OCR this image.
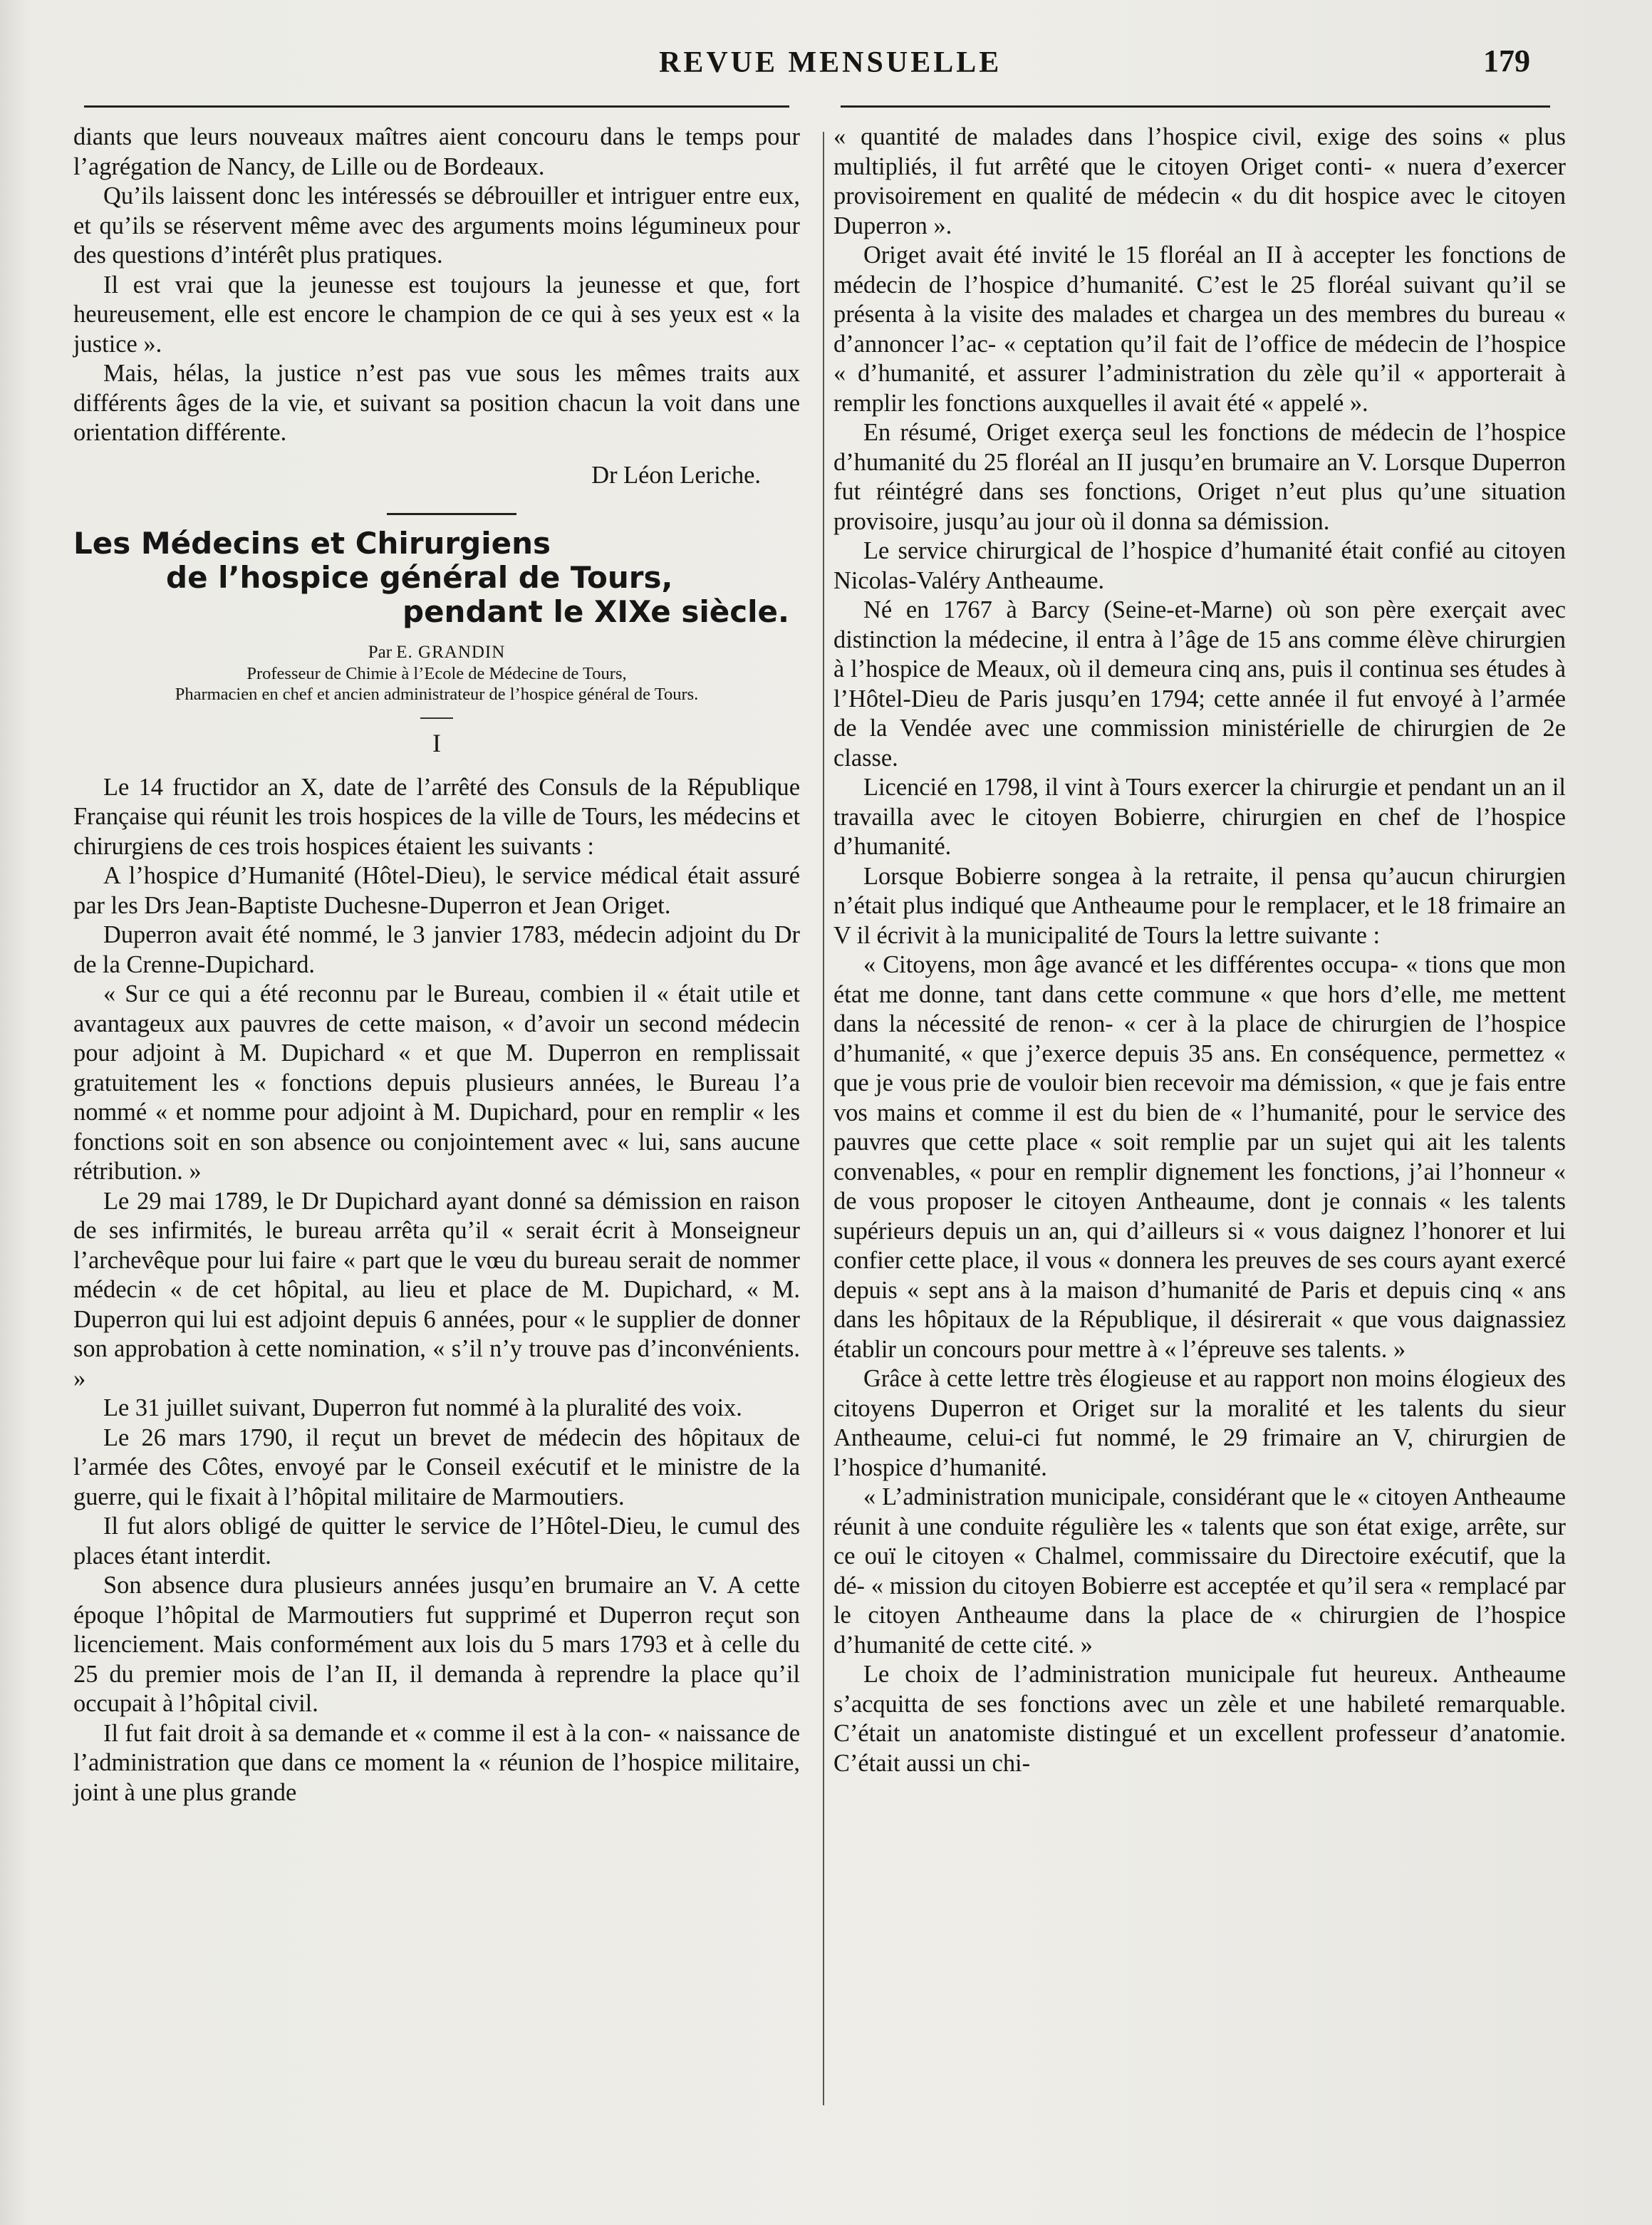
REVUE MENSUELLE	179

diants que leurs nouveaux maîtres aient concouru dans le temps pour l’agrégation de Nancy, de Lille ou de Bordeaux.

Qu’ils laissent donc les intéressés se débrouiller et intriguer entre eux, et qu’ils se réservent même avec des arguments moins légumineux pour des questions d’intérêt plus pratiques.

Il est vrai que la jeunesse est toujours la jeunesse et que, fort heureusement, elle est encore le champion de ce qui à ses yeux est « la justice ».

Mais, hélas, la justice n’est pas vue sous les mêmes traits aux différents âges de la vie, et suivant sa position chacun la voit dans une orientation différente.

Dr Léon Leriche.

Les Médecins et Chirurgiens
de l’hospice général de Tours,
pendant le XIXe siècle.
Par E. GRANDIN
Professeur de Chimie à l’Ecole de Médecine de Tours,
Pharmacien en chef et ancien administrateur de l’hospice général de Tours.
I

Le 14 fructidor an X, date de l’arrêté des Consuls de la République Française qui réunit les trois hospices de la ville de Tours, les médecins et chirurgiens de ces trois hospices étaient les suivants :

A l’hospice d’Humanité (Hôtel-Dieu), le service médical était assuré par les Drs Jean-Baptiste Duchesne-Duperron et Jean Origet.

Duperron avait été nommé, le 3 janvier 1783, médecin adjoint du Dr de la Crenne-Dupichard.

« Sur ce qui a été reconnu par le Bureau, combien il « était utile et avantageux aux pauvres de cette maison, « d’avoir un second médecin pour adjoint à M. Dupichard « et que M. Duperron en remplissait gratuitement les « fonctions depuis plusieurs années, le Bureau l’a nommé « et nomme pour adjoint à M. Dupichard, pour en remplir « les fonctions soit en son absence ou conjointement avec « lui, sans aucune rétribution. »

Le 29 mai 1789, le Dr Dupichard ayant donné sa démission en raison de ses infirmités, le bureau arrêta qu’il « serait écrit à Monseigneur l’archevêque pour lui faire « part que le vœu du bureau serait de nommer médecin « de cet hôpital, au lieu et place de M. Dupichard, « M. Duperron qui lui est adjoint depuis 6 années, pour « le supplier de donner son approbation à cette nomination, « s’il n’y trouve pas d’inconvénients. »

Le 31 juillet suivant, Duperron fut nommé à la pluralité des voix.

Le 26 mars 1790, il reçut un brevet de médecin des hôpitaux de l’armée des Côtes, envoyé par le Conseil exécutif et le ministre de la guerre, qui le fixait à l’hôpital militaire de Marmoutiers.

Il fut alors obligé de quitter le service de l’Hôtel-Dieu, le cumul des places étant interdit.

Son absence dura plusieurs années jusqu’en brumaire an V. A cette époque l’hôpital de Marmoutiers fut supprimé et Duperron reçut son licenciement. Mais conformément aux lois du 5 mars 1793 et à celle du 25 du premier mois de l’an II, il demanda à reprendre la place qu’il occupait à l’hôpital civil.

Il fut fait droit à sa demande et « comme il est à la con- « naissance de l’administration que dans ce moment la « réunion de l’hospice militaire, joint à une plus grande

« quantité de malades dans l’hospice civil, exige des soins « plus multipliés, il fut arrêté que le citoyen Origet conti- « nuera d’exercer provisoirement en qualité de médecin « du dit hospice avec le citoyen Duperron ».

Origet avait été invité le 15 floréal an II à accepter les fonctions de médecin de l’hospice d’humanité. C’est le 25 floréal suivant qu’il se présenta à la visite des malades et chargea un des membres du bureau « d’annoncer l’ac- « ceptation qu’il fait de l’office de médecin de l’hospice « d’humanité, et assurer l’administration du zèle qu’il « apporterait à remplir les fonctions auxquelles il avait été « appelé ».

En résumé, Origet exerça seul les fonctions de médecin de l’hospice d’humanité du 25 floréal an II jusqu’en brumaire an V. Lorsque Duperron fut réintégré dans ses fonctions, Origet n’eut plus qu’une situation provisoire, jusqu’au jour où il donna sa démission.

Le service chirurgical de l’hospice d’humanité était confié au citoyen Nicolas-Valéry Antheaume.

Né en 1767 à Barcy (Seine-et-Marne) où son père exerçait avec distinction la médecine, il entra à l’âge de 15 ans comme élève chirurgien à l’hospice de Meaux, où il demeura cinq ans, puis il continua ses études à l’Hôtel-Dieu de Paris jusqu’en 1794; cette année il fut envoyé à l’armée de la Vendée avec une commission ministérielle de chirurgien de 2e classe.

Licencié en 1798, il vint à Tours exercer la chirurgie et pendant un an il travailla avec le citoyen Bobierre, chirurgien en chef de l’hospice d’humanité.

Lorsque Bobierre songea à la retraite, il pensa qu’aucun chirurgien n’était plus indiqué que Antheaume pour le remplacer, et le 18 frimaire an V il écrivit à la municipalité de Tours la lettre suivante :

« Citoyens, mon âge avancé et les différentes occupa- « tions que mon état me donne, tant dans cette commune « que hors d’elle, me mettent dans la nécessité de renon- « cer à la place de chirurgien de l’hospice d’humanité, « que j’exerce depuis 35 ans. En conséquence, permettez « que je vous prie de vouloir bien recevoir ma démission, « que je fais entre vos mains et comme il est du bien de « l’humanité, pour le service des pauvres que cette place « soit remplie par un sujet qui ait les talents convenables, « pour en remplir dignement les fonctions, j’ai l’honneur « de vous proposer le citoyen Antheaume, dont je connais « les talents supérieurs depuis un an, qui d’ailleurs si « vous daignez l’honorer et lui confier cette place, il vous « donnera les preuves de ses cours ayant exercé depuis « sept ans à la maison d’humanité de Paris et depuis cinq « ans dans les hôpitaux de la République, il désirerait « que vous daignassiez établir un concours pour mettre à « l’épreuve ses talents. »

Grâce à cette lettre très élogieuse et au rapport non moins élogieux des citoyens Duperron et Origet sur la moralité et les talents du sieur Antheaume, celui-ci fut nommé, le 29 frimaire an V, chirurgien de l’hospice d’humanité.

« L’administration municipale, considérant que le « citoyen Antheaume réunit à une conduite régulière les « talents que son état exige, arrête, sur ce ouï le citoyen « Chalmel, commissaire du Directoire exécutif, que la dé- « mission du citoyen Bobierre est acceptée et qu’il sera « remplacé par le citoyen Antheaume dans la place de « chirurgien de l’hospice d’humanité de cette cité. »

Le choix de l’administration municipale fut heureux. Antheaume s’acquitta de ses fonctions avec un zèle et une habileté remarquable. C’était un anatomiste distingué et un excellent professeur d’anatomie. C’était aussi un chi-
